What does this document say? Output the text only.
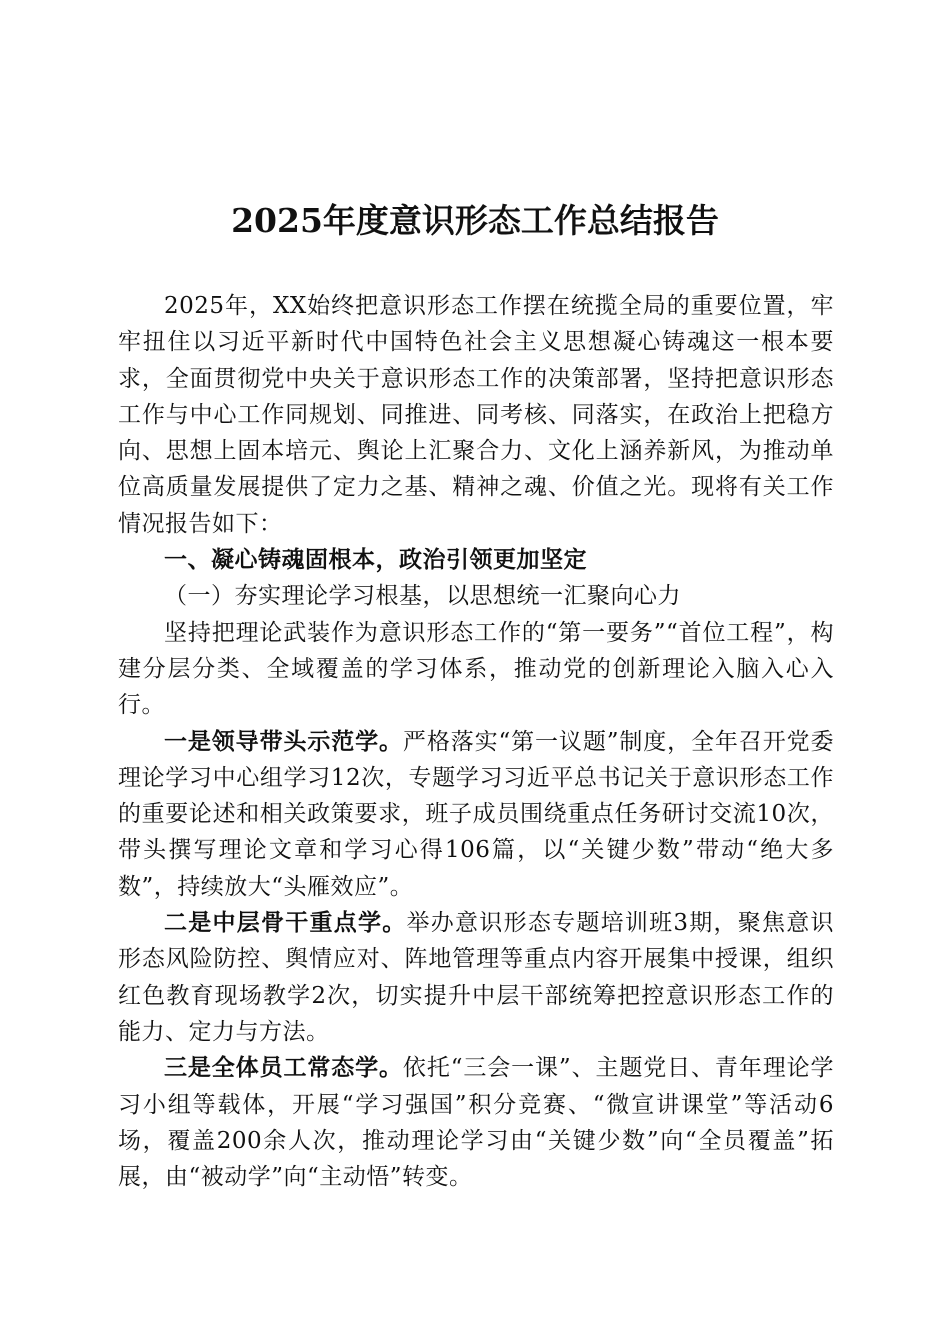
2025年度意识形态工作总结报告

2025年，XX始终把意识形态工作摆在统揽全局的重要位置，牢牢扭住以习近平新时代中国特色社会主义思想凝心铸魂这一根本要求，全面贯彻党中央关于意识形态工作的决策部署，坚持把意识形态工作与中心工作同规划、同推进、同考核、同落实，在政治上把稳方向、思想上固本培元、舆论上汇聚合力、文化上涵养新风，为推动单位高质量发展提供了定力之基、精神之魂、价值之光。现将有关工作情况报告如下：

一、凝心铸魂固根本，政治引领更加坚定

（一）夯实理论学习根基，以思想统一汇聚向心力

坚持把理论武装作为意识形态工作的“第一要务”“首位工程”，构建分层分类、全域覆盖的学习体系，推动党的创新理论入脑入心入行。

一是领导带头示范学。严格落实“第一议题”制度，全年召开党委理论学习中心组学习12次，专题学习习近平总书记关于意识形态工作的重要论述和相关政策要求，班子成员围绕重点任务研讨交流10次，带头撰写理论文章和学习心得106篇，以“关键少数”带动“绝大多数”，持续放大“头雁效应”。

二是中层骨干重点学。举办意识形态专题培训班3期，聚焦意识形态风险防控、舆情应对、阵地管理等重点内容开展集中授课，组织红色教育现场教学2次，切实提升中层干部统筹把控意识形态工作的能力、定力与方法。

三是全体员工常态学。依托“三会一课”、主题党日、青年理论学习小组等载体，开展“学习强国”积分竞赛、“微宣讲课堂”等活动6场，覆盖200余人次，推动理论学习由“关键少数”向“全员覆盖”拓展，由“被动学”向“主动悟”转变。
